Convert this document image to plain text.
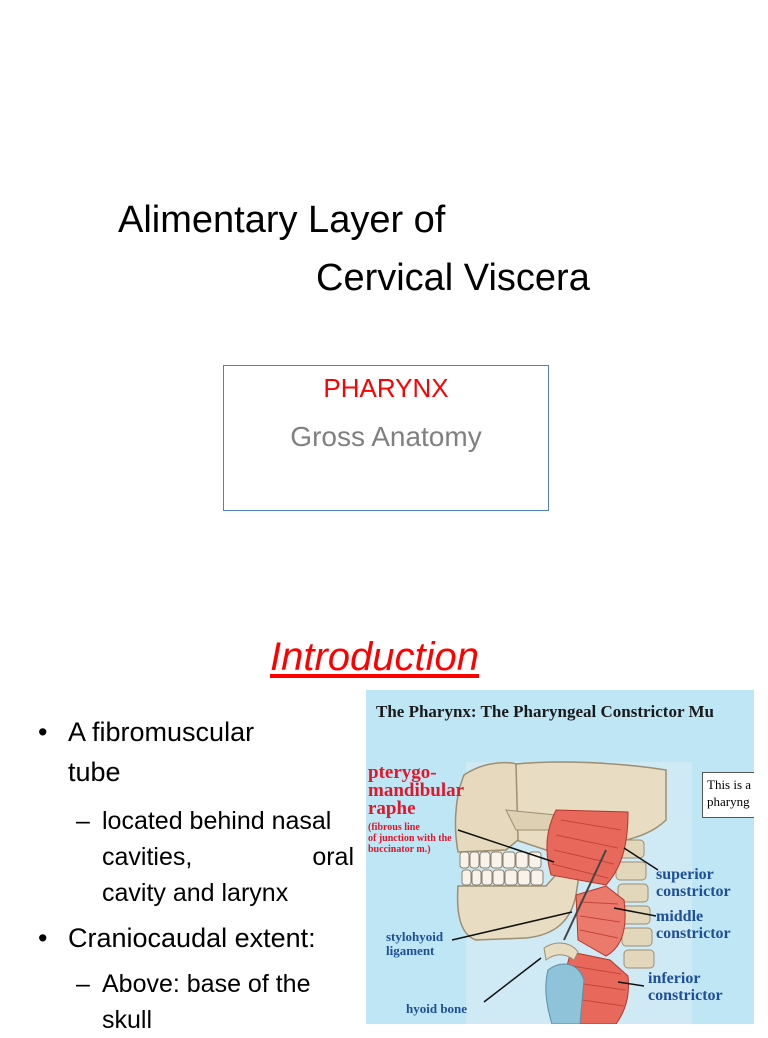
Alimentary Layer of
Cervical Viscera
PHARYNX
Gross Anatomy
Introduction
• A fibromuscular
tube
– located behind nasal
cavities,	oral
cavity and larynx
• Craniocaudal extent:
– Above: base of the
skull
The Pharynx: The Pharyngeal Constrictor Mu
This is a
pharyng
pterygo-
mandibular
raphe
(fibrous line
of junction with the
buccinator m.)
superior
constrictor
middle
constrictor
inferior
constrictor
stylohyoid
ligament
hyoid bone
